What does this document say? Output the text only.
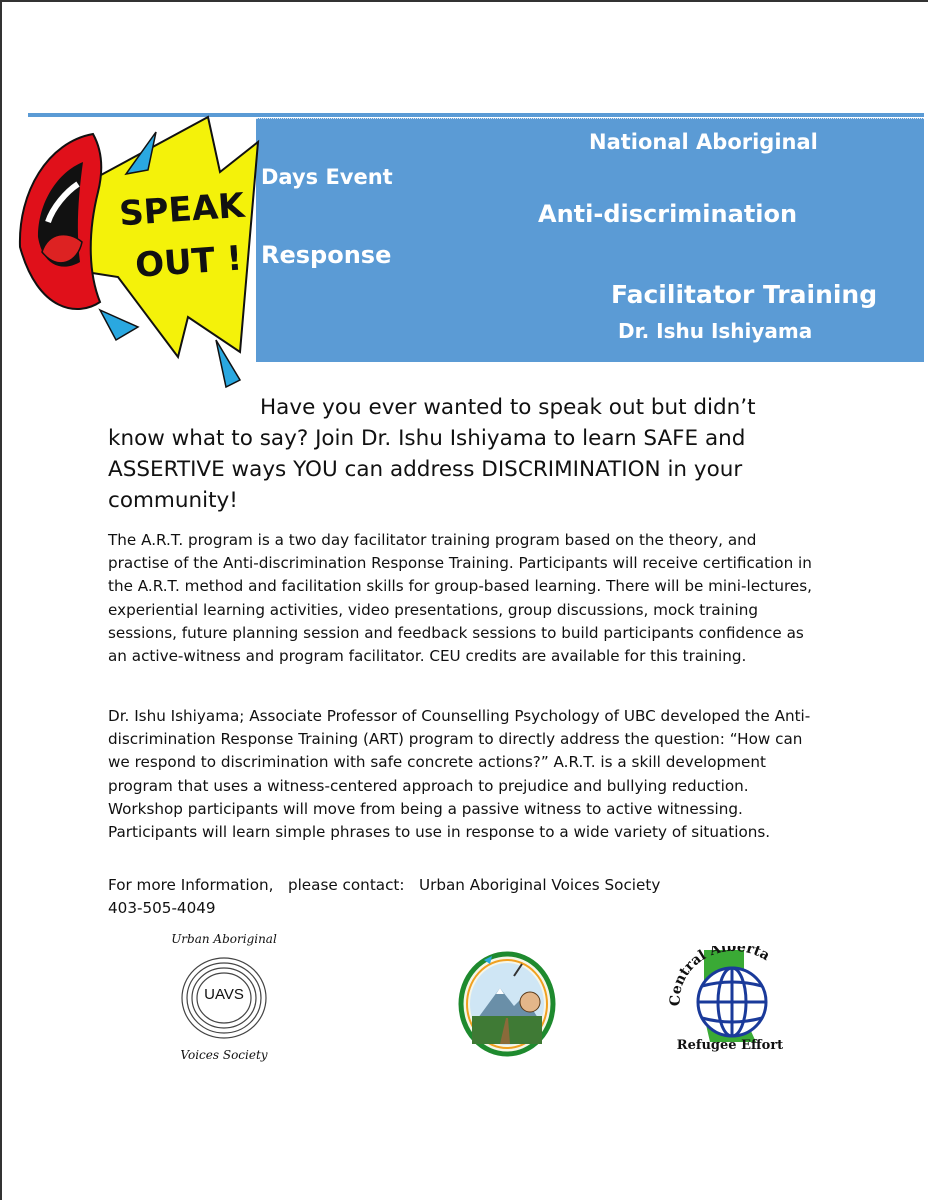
National Aboriginal
Days Event
Anti-discrimination
Response
Facilitator Training
Dr. Ishu Ishiyama
SPEAK
OUT !
Have you ever wanted to speak out but didn’t know what to say? Join Dr. Ishu Ishiyama to learn SAFE and ASSERTIVE ways YOU can address DISCRIMINATION in your community!

The A.R.T. program is a two day facilitator training program based on the theory, and practise of the Anti-discrimination Response Training. Participants will receive certification in the A.R.T. method and facilitation skills for group-based learning. There will be mini-lectures, experiential learning activities, video presentations, group discussions, mock training sessions, future planning session and feedback sessions to build participants confidence as an active-witness and program facilitator. CEU credits are available for this training.

Dr. Ishu Ishiyama; Associate Professor of Counselling Psychology of UBC developed the Anti-discrimination Response Training (ART) program to directly address the question: “How can we respond to discrimination with safe concrete actions?” A.R.T. is a skill development program that uses a witness-centered approach to prejudice and bullying reduction. Workshop participants will move from being a passive witness to active witnessing. Participants will learn simple phrases to use in response to a wide variety of situations.

For more Information,   please contact:   Urban Aboriginal Voices Society
403-505-4049
Urban Aboriginal
UAVS
Voices Society
Central Alberta
Refugee Effort
